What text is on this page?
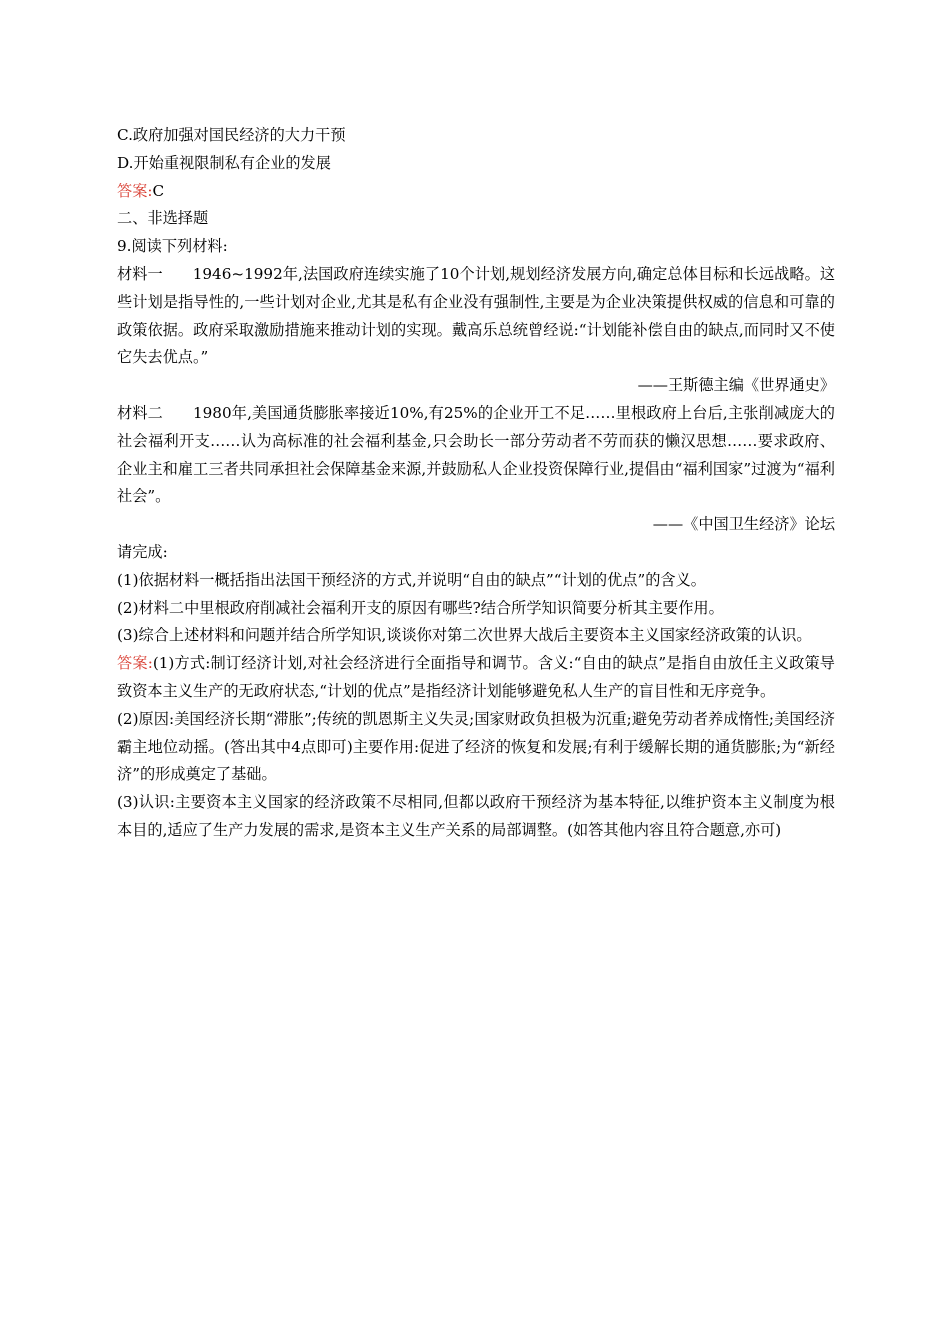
C.政府加强对国民经济的大力干预

D.开始重视限制私有企业的发展

答案:C

二、非选择题

9.阅读下列材料:

材料一 1946~1992年,法国政府连续实施了10个计划,规划经济发展方向,确定总体目标和长远战略。这些计划是指导性的,一些计划对企业,尤其是私有企业没有强制性,主要是为企业决策提供权威的信息和可靠的政策依据。政府采取激励措施来推动计划的实现。戴高乐总统曾经说:“计划能补偿自由的缺点,而同时又不使它失去优点。”

——王斯德主编《世界通史》

材料二 1980年,美国通货膨胀率接近10%,有25%的企业开工不足……里根政府上台后,主张削减庞大的社会福利开支……认为高标准的社会福利基金,只会助长一部分劳动者不劳而获的懒汉思想……要求政府、企业主和雇工三者共同承担社会保障基金来源,并鼓励私人企业投资保障行业,提倡由“福利国家”过渡为“福利社会”。

——《中国卫生经济》论坛

请完成:

(1)依据材料一概括指出法国干预经济的方式,并说明“自由的缺点”“计划的优点”的含义。

(2)材料二中里根政府削减社会福利开支的原因有哪些?结合所学知识简要分析其主要作用。

(3)综合上述材料和问题并结合所学知识,谈谈你对第二次世界大战后主要资本主义国家经济政策的认识。

答案:(1)方式:制订经济计划,对社会经济进行全面指导和调节。含义:“自由的缺点”是指自由放任主义政策导致资本主义生产的无政府状态,“计划的优点”是指经济计划能够避免私人生产的盲目性和无序竞争。

(2)原因:美国经济长期“滞胀”;传统的凯恩斯主义失灵;国家财政负担极为沉重;避免劳动者养成惰性;美国经济霸主地位动摇。(答出其中4点即可)主要作用:促进了经济的恢复和发展;有利于缓解长期的通货膨胀;为“新经济”的形成奠定了基础。

(3)认识:主要资本主义国家的经济政策不尽相同,但都以政府干预经济为基本特征,以维护资本主义制度为根本目的,适应了生产力发展的需求,是资本主义生产关系的局部调整。(如答其他内容且符合题意,亦可)
